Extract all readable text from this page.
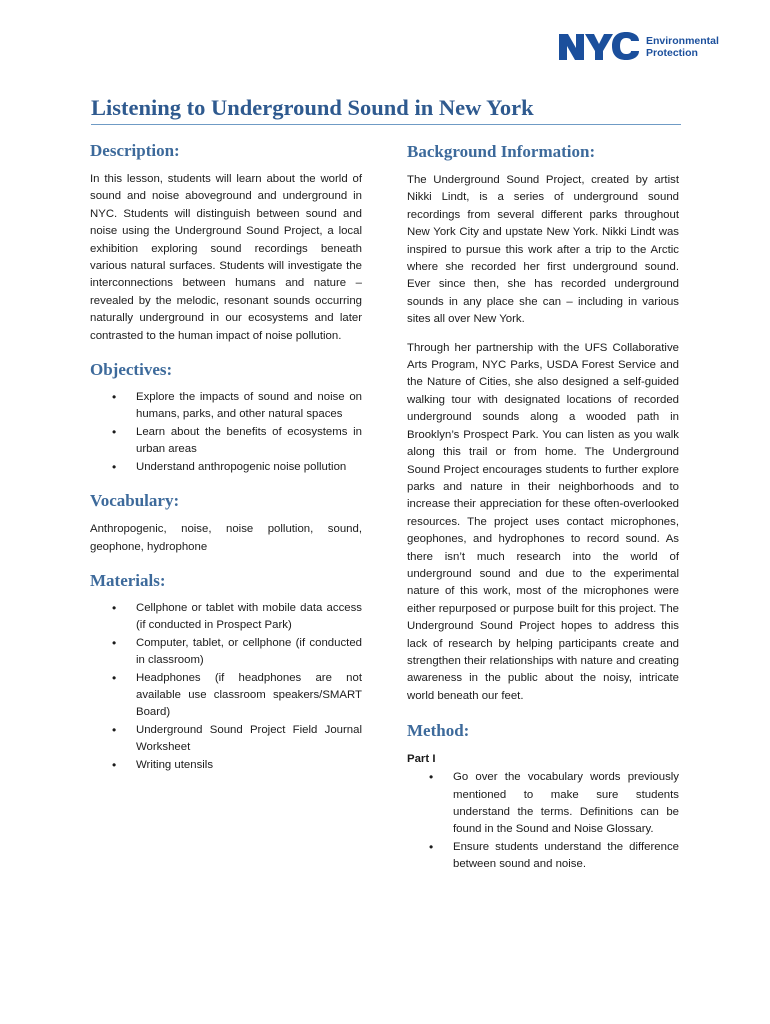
NYC
Environmental
Protection
Listening to Underground Sound in New York
Description:

In this lesson, students will learn about the world of sound and noise aboveground and underground in NYC. Students will distinguish between sound and noise using the Underground Sound Project, a local exhibition exploring sound recordings beneath various natural surfaces. Students will investigate the interconnections between humans and nature – revealed by the melodic, resonant sounds occurring naturally underground in our ecosystems and later contrasted to the human impact of noise pollution.

Objectives:
• Explore the impacts of sound and noise on humans, parks, and other natural spaces
• Learn about the benefits of ecosystems in urban areas
• Understand anthropogenic noise pollution
Vocabulary:

Anthropogenic, noise, noise pollution, sound, geophone, hydrophone

Materials:
• Cellphone or tablet with mobile data access (if conducted in Prospect Park)
• Computer, tablet, or cellphone (if conducted in classroom)
• Headphones (if headphones are not available use classroom speakers/SMART Board)
• Underground Sound Project Field Journal Worksheet
• Writing utensils
Background Information:

The Underground Sound Project, created by artist Nikki Lindt, is a series of underground sound recordings from several different parks throughout New York City and upstate New York. Nikki Lindt was inspired to pursue this work after a trip to the Arctic where she recorded her first underground sound. Ever since then, she has recorded underground sounds in any place she can – including in various sites all over New York.

Through her partnership with the UFS Collaborative Arts Program, NYC Parks, USDA Forest Service and the Nature of Cities, she also designed a self-guided walking tour with designated locations of recorded underground sounds along a wooded path in Brooklyn’s Prospect Park. You can listen as you walk along this trail or from home. The Underground Sound Project encourages students to further explore parks and nature in their neighborhoods and to increase their appreciation for these often-overlooked resources. The project uses contact microphones, geophones, and hydrophones to record sound. As there isn’t much research into the world of underground sound and due to the experimental nature of this work, most of the microphones were either repurposed or purpose built for this project. The Underground Sound Project hopes to address this lack of research by helping participants create and strengthen their relationships with nature and creating awareness in the public about the noisy, intricate world beneath our feet.

Method:
Part I
• Go over the vocabulary words previously mentioned to make sure students understand the terms. Definitions can be found in the Sound and Noise Glossary.
• Ensure students understand the difference between sound and noise.
